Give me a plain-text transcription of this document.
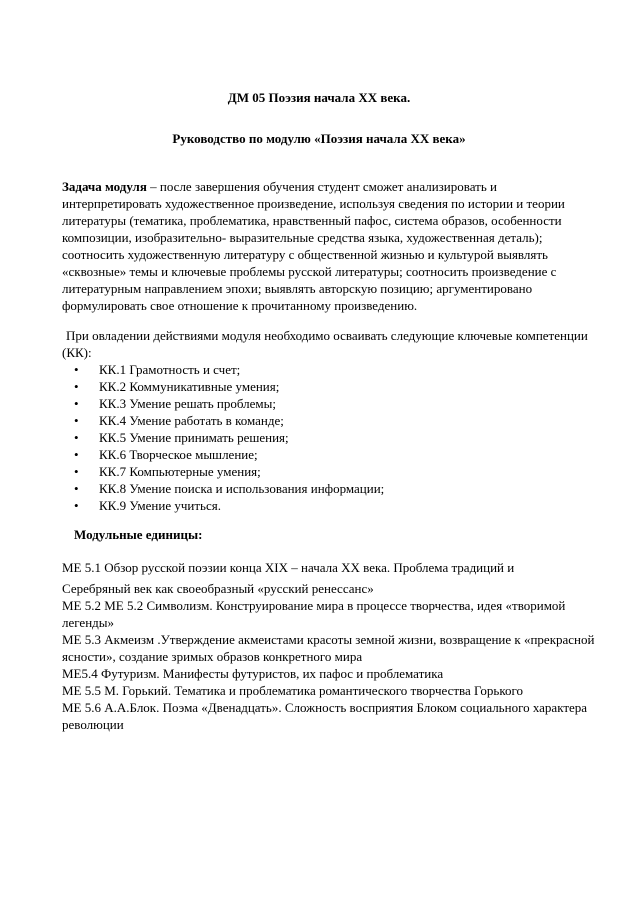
ДМ 05 Поэзия начала ХХ века.
Руководство по модулю «Поэзия начала ХХ века»

Задача модуля – после завершения обучения студент сможет анализировать и интерпретировать художественное произведение, используя сведения по истории и теории литературы (тематика, проблематика, нравственный пафос, система образов, особенности композиции, изобразительно- выразительные средства языка, художественная деталь); соотносить художественную литературу с общественной жизнью и культурой выявлять «сквозные» темы и ключевые проблемы русской литературы; соотносить произведение с литературным направлением эпохи; выявлять авторскую позицию; аргументировано формулировать свое отношение к прочитанному произведению.

При овладении действиями модуля необходимо осваивать следующие ключевые компетенции (КК):

• КК.1 Грамотность и счет;
• КК.2 Коммуникативные умения;
• КК.3 Умение решать проблемы;
• КК.4 Умение работать в команде;
• КК.5 Умение принимать решения;
• КК.6 Творческое мышление;
• КК.7 Компьютерные умения;
• КК.8 Умение поиска и использования информации;
• КК.9 Умение учиться.

Модульные единицы:

МЕ 5.1 Обзор русской поэзии конца XIX – начала XX века. Проблема традиций и

Серебряный век как своеобразный «русский ренессанс»

МЕ 5.2 МЕ 5.2 Символизм. Конструирование мира в процессе творчества, идея «творимой легенды»

МЕ 5.3 Акмеизм .Утверждение акмеистами красоты земной жизни, возвращение к «прекрасной ясности», создание зримых образов конкретного мира

МЕ5.4 Футуризм. Манифесты футуристов, их пафос и проблематика

МЕ 5.5 М. Горький. Тематика и проблематика романтического творчества Горького

МЕ 5.6 А.А.Блок. Поэма «Двенадцать». Сложность восприятия Блоком социального характера революции
